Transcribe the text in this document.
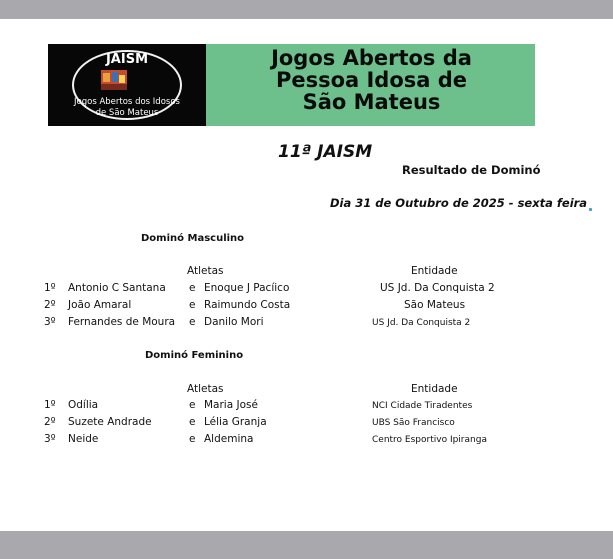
JAISM
Jogos Abertos dos Idosos
de São Mateus
Jogos Abertos da
Pessoa Idosa de
São Mateus
11ª JAISM
Resultado de Dominó
Dia 31 de Outubro de 2025 - sexta feira
Dominó Masculino
Atletas	Entidade
1º Antonio C Santana e Enoque J Pacíico	US Jd. Da Conquista 2
2º João Amaral	e Raimundo Costa	São Mateus
3º Fernandes de Moura e Danilo Mori	US Jd. Da Conquista 2
Dominó Feminino
Atletas	Entidade
1º Odília	e Maria José	NCI Cidade Tiradentes
2º Suzete Andrade	e Lélia Granja	UBS São Francisco
3º Neide	e Aldemina	Centro Esportivo Ipiranga
